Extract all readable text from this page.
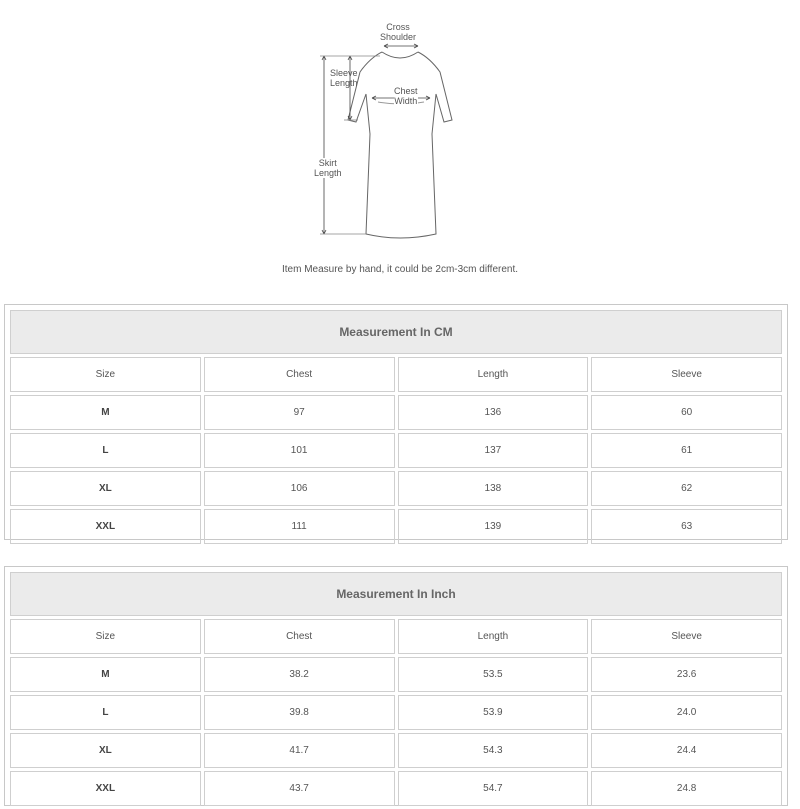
Cross
Shoulder
Sleeve
Length
Chest
Width
Skirt
Length
Item Measure by hand, it could be 2cm-3cm different.
Measurement In CM			
Size	Chest	Length	Sleeve
M	97	136	60
L	101	137	61
XL	106	138	62
XXL	111	139	63
Measurement In Inch			
Size	Chest	Length	Sleeve
M	38.2	53.5	23.6
L	39.8	53.9	24.0
XL	41.7	54.3	24.4
XXL	43.7	54.7	24.8
